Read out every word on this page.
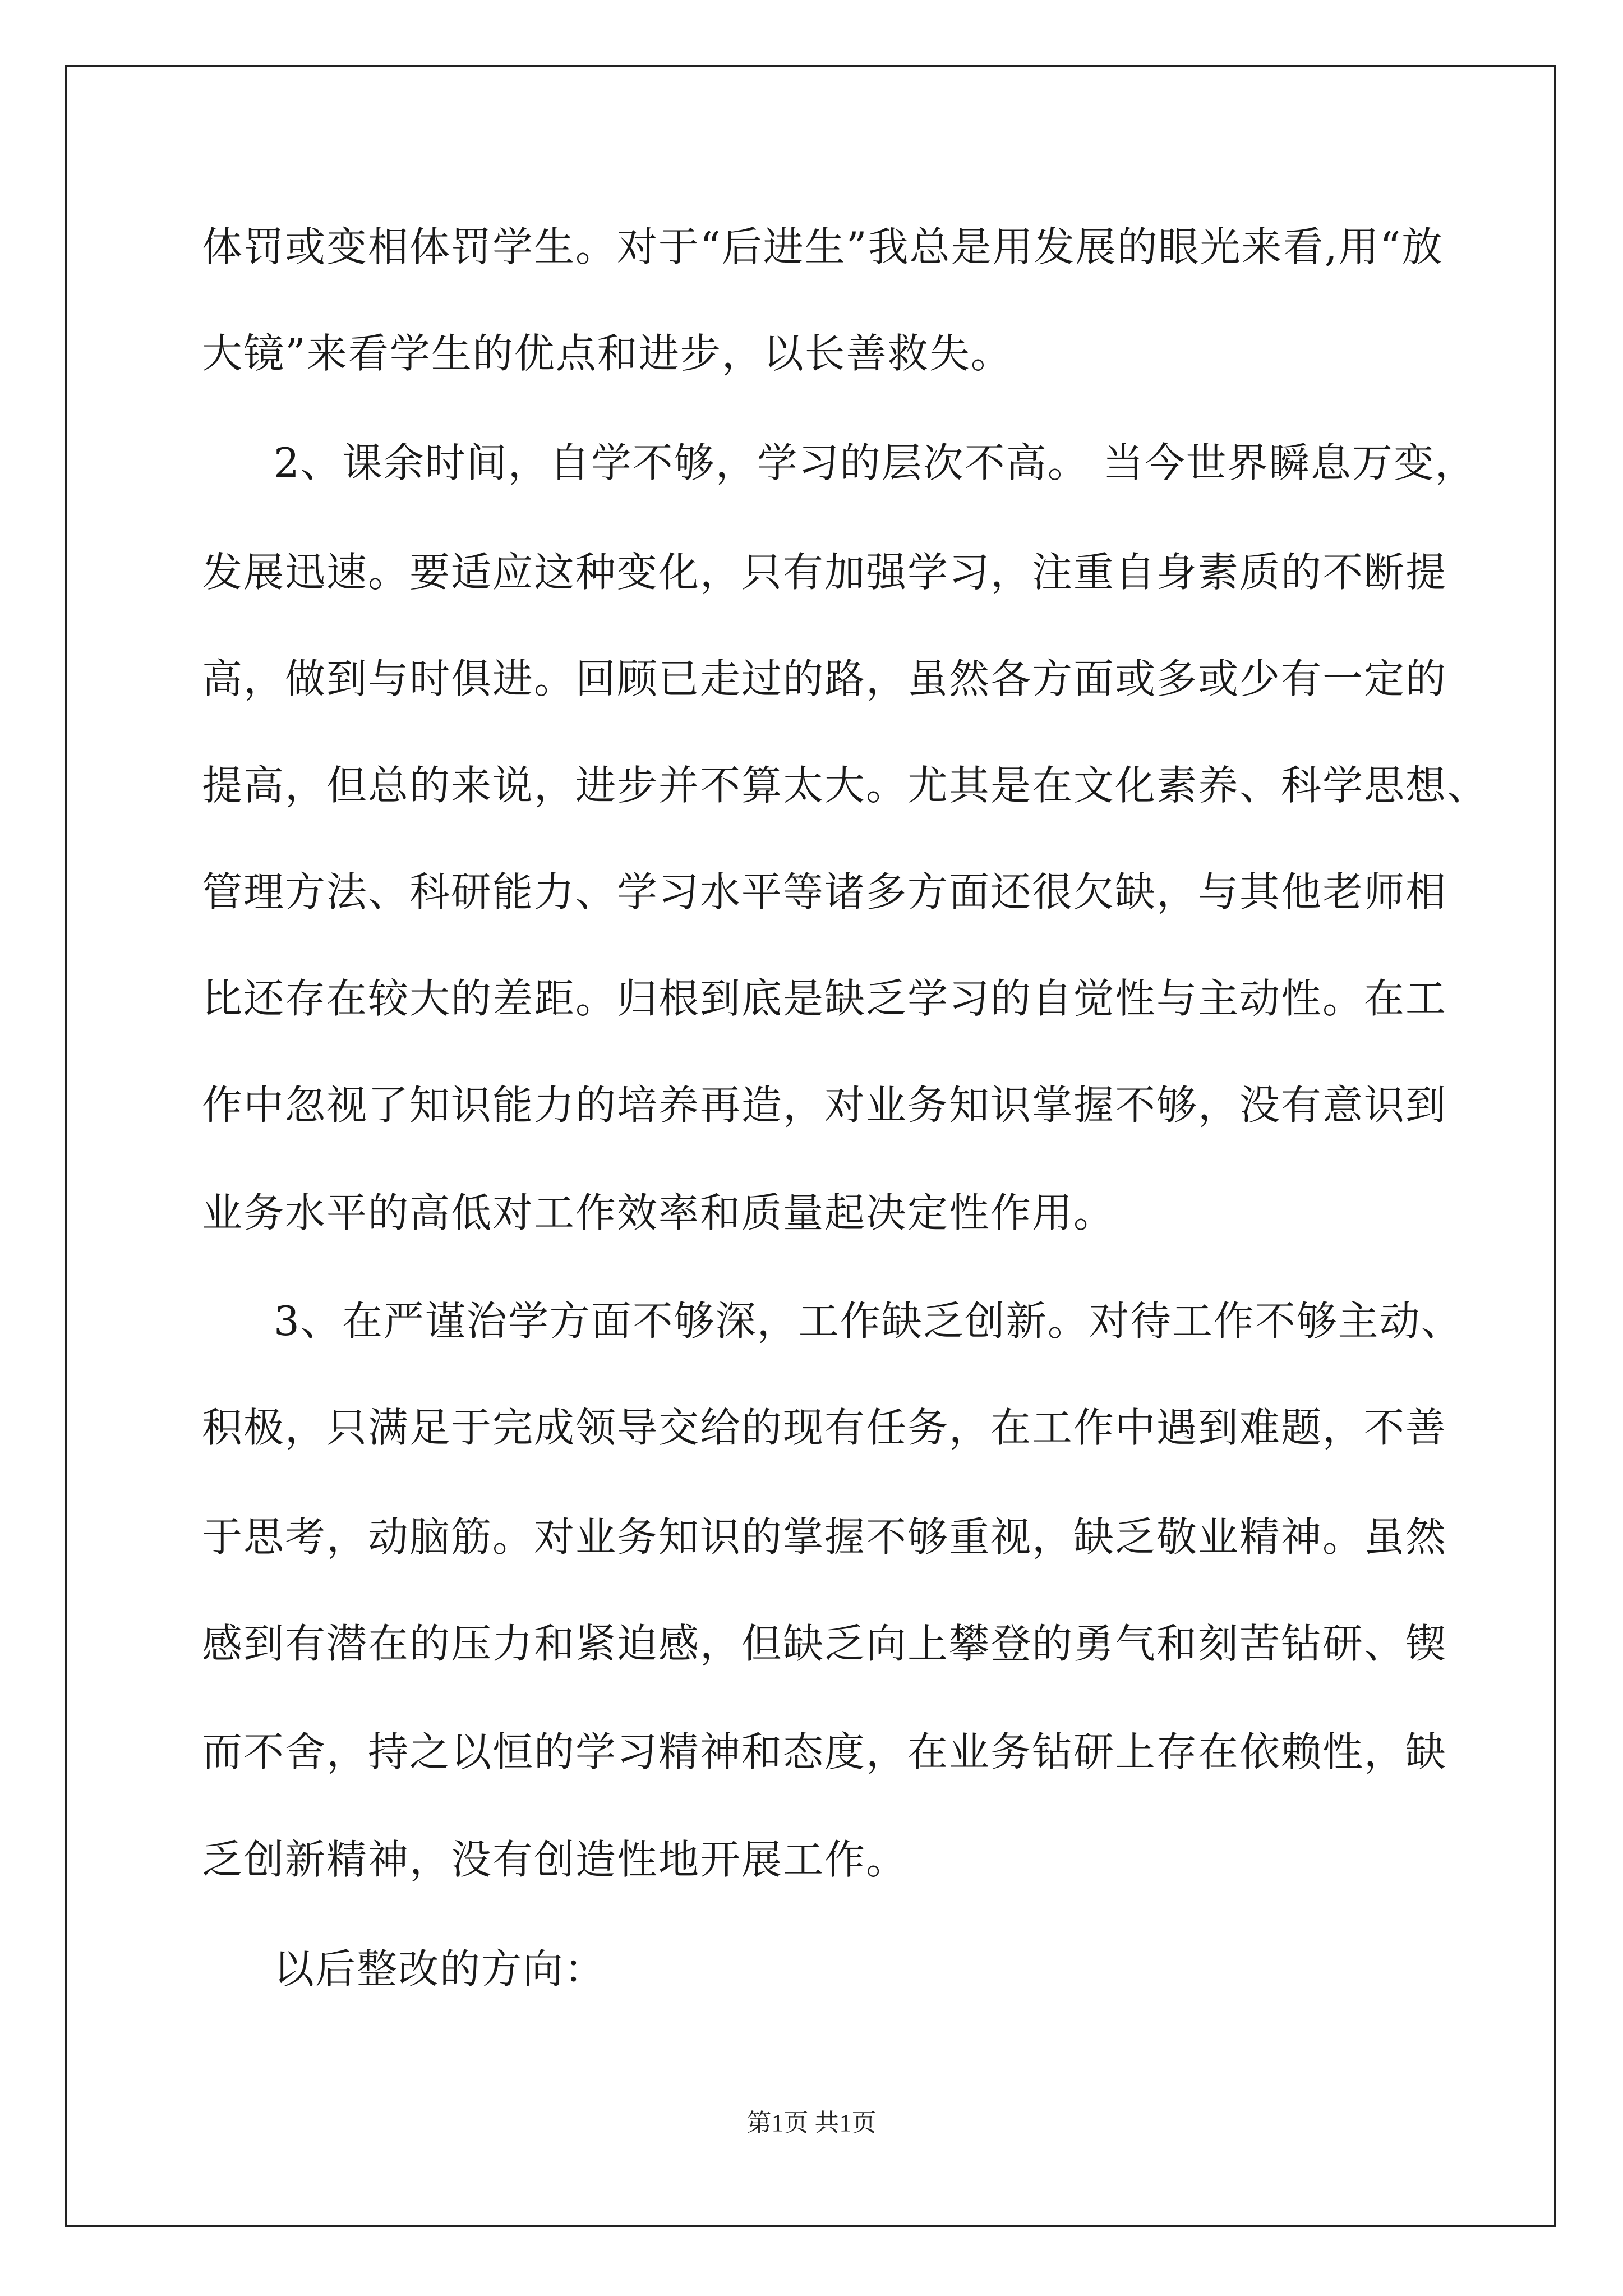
体罚或变相体罚学生。对于“后进生”我总是用发展的眼光来看,用“放
大镜”来看学生的优点和进步，以长善救失。
2、课余时间，自学不够，学习的层次不高。 当今世界瞬息万变，
发展迅速。要适应这种变化，只有加强学习，注重自身素质的不断提
高，做到与时俱进。回顾已走过的路，虽然各方面或多或少有一定的
提高，但总的来说，进步并不算太大。尤其是在文化素养、科学思想、
管理方法、科研能力、学习水平等诸多方面还很欠缺，与其他老师相
比还存在较大的差距。归根到底是缺乏学习的自觉性与主动性。在工
作中忽视了知识能力的培养再造，对业务知识掌握不够，没有意识到
业务水平的高低对工作效率和质量起决定性作用。
3、在严谨治学方面不够深，工作缺乏创新。对待工作不够主动、
积极，只满足于完成领导交给的现有任务，在工作中遇到难题，不善
于思考，动脑筋。对业务知识的掌握不够重视，缺乏敬业精神。虽然
感到有潜在的压力和紧迫感，但缺乏向上攀登的勇气和刻苦钻研、锲
而不舍，持之以恒的学习精神和态度，在业务钻研上存在依赖性，缺
乏创新精神，没有创造性地开展工作。
以后整改的方向：
第1页 共1页
